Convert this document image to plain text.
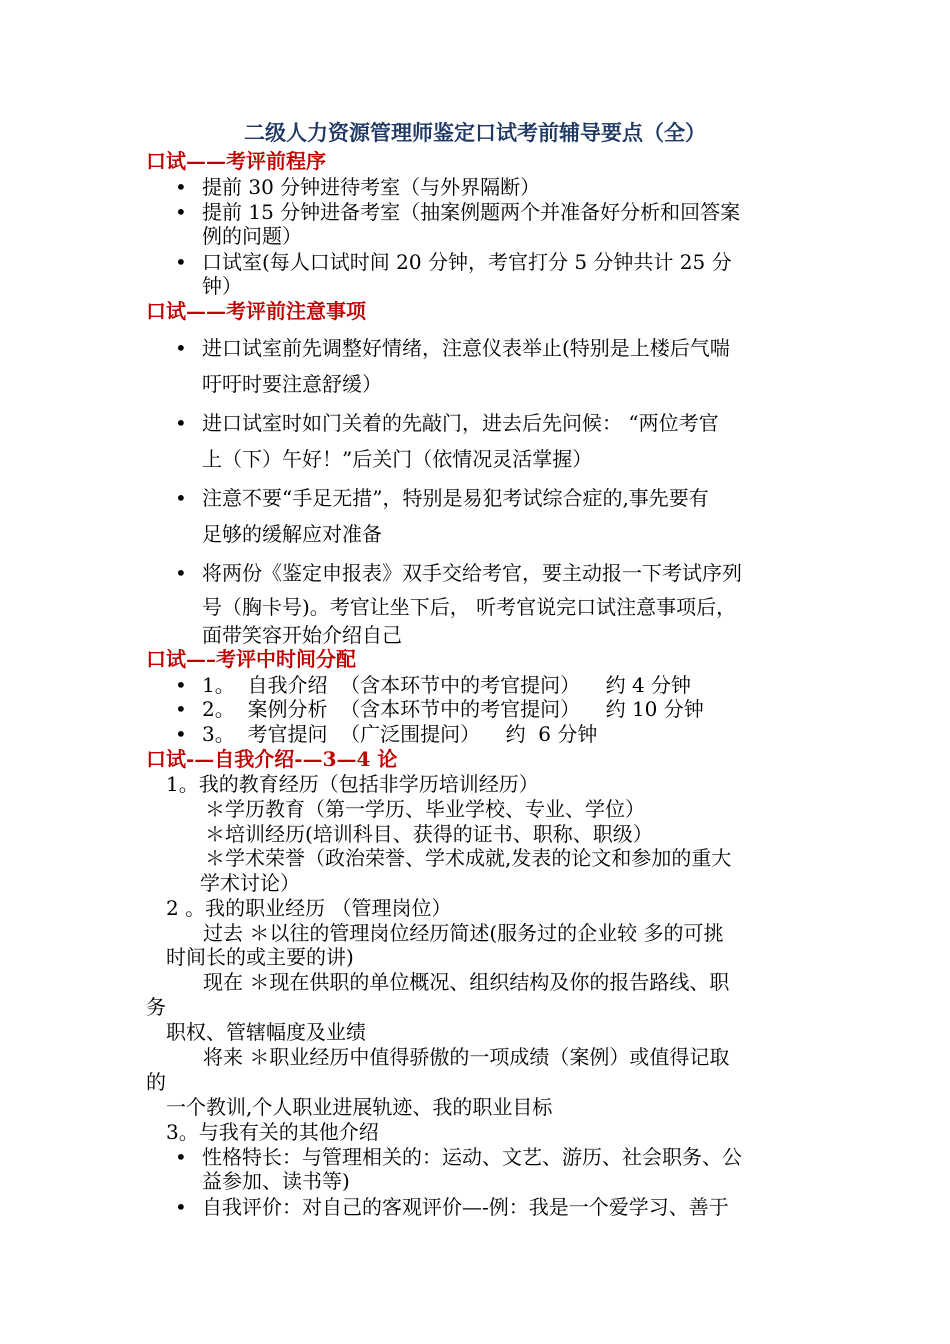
二级人力资源管理师鉴定口试考前辅导要点（全）
口试——考评前程序
• 提前 30 分钟进待考室（与外界隔断）
• 提前 15 分钟进备考室（抽案例题两个并准备好分析和回答案
例的问题）
• 口试室(每人口试时间 20 分钟，考官打分 5 分钟共计 25 分
钟）
口试——考评前注意事项
• 进口试室前先调整好情绪，注意仪表举止(特别是上楼后气喘
吁吁时要注意舒缓）
• 进口试室时如门关着的先敲门，进去后先问候： “两位考官
上（下）午好！”后关门（依情况灵活掌握）
• 注意不要“手足无措”，特别是易犯考试综合症的,事先要有
足够的缓解应对准备
• 将两份《鉴定申报表》双手交给考官，要主动报一下考试序列
号（胸卡号)。考官让坐下后， 听考官说完口试注意事项后，
面带笑容开始介绍自己
口试—–考评中时间分配
• 1。  自我介绍  （含本环节中的考官提问）    约 4 分钟
• 2。  案例分析  （含本环节中的考官提问）    约 10 分钟
• 3。  考官提问  （广泛围提问）    约  6 分钟
口试-—自我介绍-—3—4 论
1。我的教育经历（包括非学历培训经历）
＊学历教育（第一学历、毕业学校、专业、学位）
＊培训经历(培训科目、获得的证书、职称、职级）
＊学术荣誉（政治荣誉、学术成就,发表的论文和参加的重大
学术讨论）
2 。我的职业经历 （管理岗位）
过去 ＊以往的管理岗位经历简述(服务过的企业较 多的可挑
时间长的或主要的讲)
现在 ＊现在供职的单位概况、组织结构及你的报告路线、职
务
职权、管辖幅度及业绩
将来 ＊职业经历中值得骄傲的一项成绩（案例）或值得记取
的
一个教训,个人职业进展轨迹、我的职业目标
3。与我有关的其他介绍
• 性格特长：与管理相关的：运动、文艺、游历、社会职务、公
益参加、读书等)
• 自我评价：对自己的客观评价—-例：我是一个爱学习、善于
